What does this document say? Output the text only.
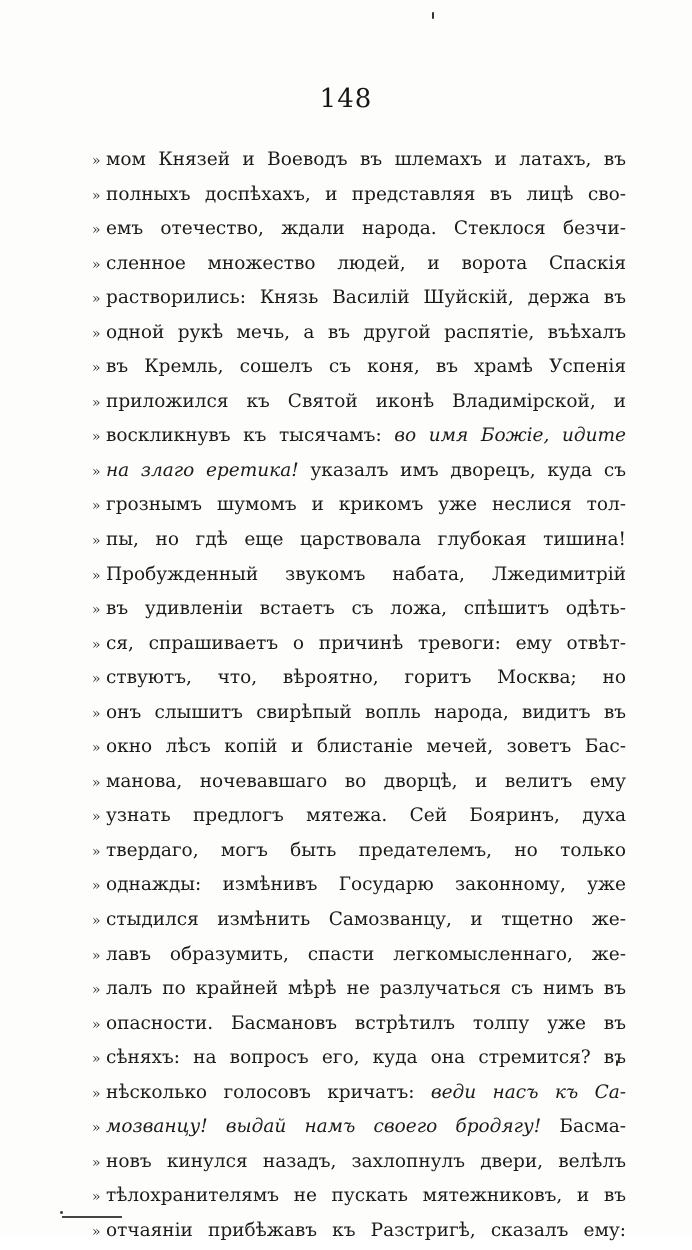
148
» мом Князей и Воеводъ въ шлемахъ и латахъ, въ
» полныхъ доспѣхахъ, и представляя въ лицѣ сво-
» емъ отечество, ждали народа. Стеклося безчи-
» сленное множество людей, и ворота Спаскія
» растворились: Князь Василій Шуйскій, держа въ
» одной рукѣ мечь, а въ другой распятіе, въѣхалъ
» въ Кремль, сошелъ съ коня, въ храмѣ Успенія
» приложился къ Святой иконѣ Владимірской, и
» воскликнувъ къ тысячамъ: во имя Божіе, идите
» на злаго еретика! указалъ имъ дворецъ, куда съ
» грознымъ шумомъ и крикомъ уже неслися тол-
» пы, но гдѣ еще царствовала глубокая тишина!
» Пробужденный звукомъ набата, Лжедимитрій
» въ удивленіи встаетъ съ ложа, спѣшитъ одѣть-
» ся, спрашиваетъ о причинѣ тревоги: ему отвѣт-
» ствуютъ, что, вѣроятно, горитъ Москва; но
» онъ слышитъ свирѣпый вопль народа, видитъ въ
» окно лѣсъ копій и блистаніе мечей, зоветъ Бас-
» манова, ночевавшаго во дворцѣ, и велитъ ему
» узнать предлогъ мятежа. Сей Бояринъ, духа
» твердаго, могъ быть предателемъ, но только
» однажды: измѣнивъ Государю законному, уже
» стыдился измѣнить Самозванцу, и тщетно же-
» лавъ образумить, спасти легкомысленнаго, же-
» лалъ по крайней мѣрѣ не разлучаться съ нимъ въ
» опасности. Басмановъ встрѣтилъ толпу уже въ
» сѣняхъ: на вопросъ его, куда она стремится? въ
» нѣсколько голосовъ кричатъ: веди насъ къ Са-
» мозванцу! выдай намъ своего бродягу! Басма-
» новъ кинулся назадъ, захлопнулъ двери, велѣлъ
» тѣлохранителямъ не пускать мятежниковъ, и въ
» отчаяніи прибѣжавъ къ Разстригѣ, сказалъ ему:
